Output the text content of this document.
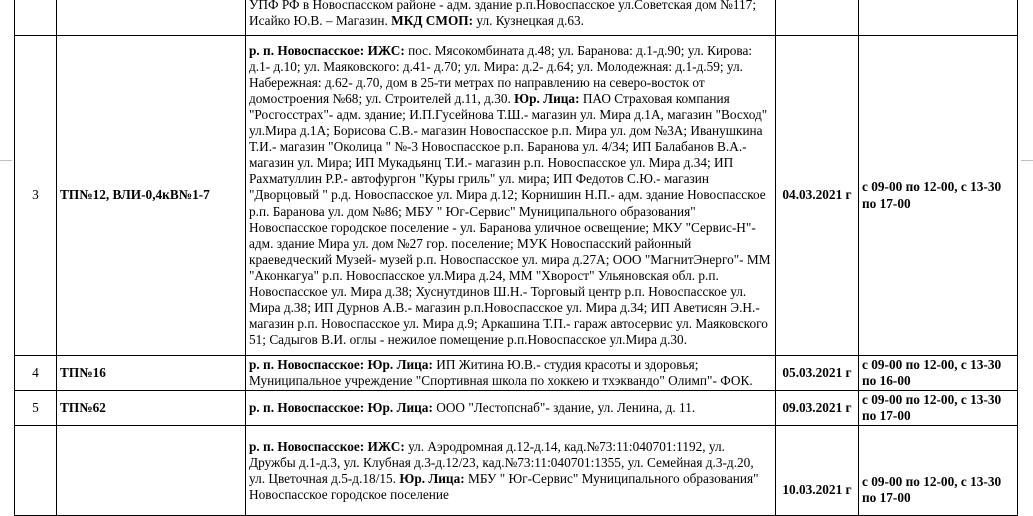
		УПФ РФ в Новоспасском районе - адм. здание р.п.Новоспасское ул.Советская дом №117; Исайко Ю.В. – Магазин. МКД СМОП: ул. Кузнецкая д.63.		
3	ТП№12, ВЛИ-0,4кВ№1-7	р. п. Новоспасское: ИЖС: пос. Мясокомбината д.48; ул. Баранова: д.1-д.90; ул. Кирова: д.1- д.10; ул. Маяковского: д.41- д.70; ул. Мира: д.2- д.64; ул. Молодежная: д.1-д.59; ул. Набережная: д.62- д.70, дом в 25-ти метрах по направлению на северо-восток от домостроения №68; ул. Строителей д.11, д.30. Юр. Лица: ПАО Страховая компания "Росгосстрах"- адм. здание; И.П.Гусейнова Т.Ш.- магазин ул. Мира д.1А, магазин "Восход" ул.Мира д.1А; Борисова С.В.- магазин Новоспасское р.п. Мира ул. дом №3А; Иванушкина Т.И.- магазин "Околица " №-3 Новоспасское р.п. Баранова ул. 4/34; ИП Балабанов В.А.- магазин ул. Мира; ИП Мукадьянц Т.И.- магазин р.п. Новоспасское ул. Мира д.34; ИП Рахматуллин Р.Р.- автофургон "Куры гриль" ул. мира; ИП Федотов С.Ю.- магазин "Дворцовый " р.д. Новоспасское ул. Мира д.12; Корнишин Н.П.- адм. здание Новоспасское р.п. Баранова ул. дом №86; МБУ " Юг-Сервис" Муниципального образования" Новоспасское городское поселение - ул. Баранова уличное освещение; МКУ "Сервис-Н"- адм. здание Мира ул. дом №27 гор. поселение; МУК Новоспасский районный краеведческий Музей- музей р.п. Новоспасское ул. мира д.27А; ООО "МагнитЭнерго"- ММ "Аконкагуа" р.п. Новоспасское ул.Мира д.24, ММ "Хворост" Ульяновская обл. р.п. Новоспасское ул. Мира д.38; Хуснутдинов Ш.Н.- Торговый центр р.п. Новоспасское ул. Мира д.38; ИП Дурнов А.В.- магазин р.п.Новоспасское ул. Мира д.34; ИП Аветисян Э.Н.- магазин р.п. Новоспасское ул. Мира д.9; Аркашина Т.П.- гараж автосервис ул. Маяковского 51; Садыгов В.И. оглы - нежилое помещение р.п.Новоспасское ул.Мира д.30.	04.03.2021 г	с 09-00 по 12-00, с 13-30 по 17-00
4	ТП№16	р. п. Новоспасское: Юр. Лица: ИП Житина Ю.В.- студия красоты и здоровья; Муниципальное учреждение "Спортивная школа по хоккею и тхэквандо" Олимп"- ФОК.	05.03.2021 г	с 09-00 по 12-00, с 13-30 по 16-00
5	ТП№62	р. п. Новоспасское: Юр. Лица: ООО "Лестопснаб"- здание, ул. Ленина, д. 11.	09.03.2021 г	с 09-00 по 12-00, с 13-30 по 17-00
		р. п. Новоспасское: ИЖС: ул. Аэродромная д.12-д.14, кад.№73:11:040701:1192, ул. Дружбы д.1-д.3, ул. Клубная д.3-д.12/23, кад.№73:11:040701:1355, ул. Семейная д.3-д.20, ул. Цветочная д.5-д.18/15. Юр. Лица: МБУ " Юг-Сервис" Муниципального образования" Новоспасское городское поселение	10.03.2021 г	с 09-00 по 12-00, с 13-30 по 17-00
